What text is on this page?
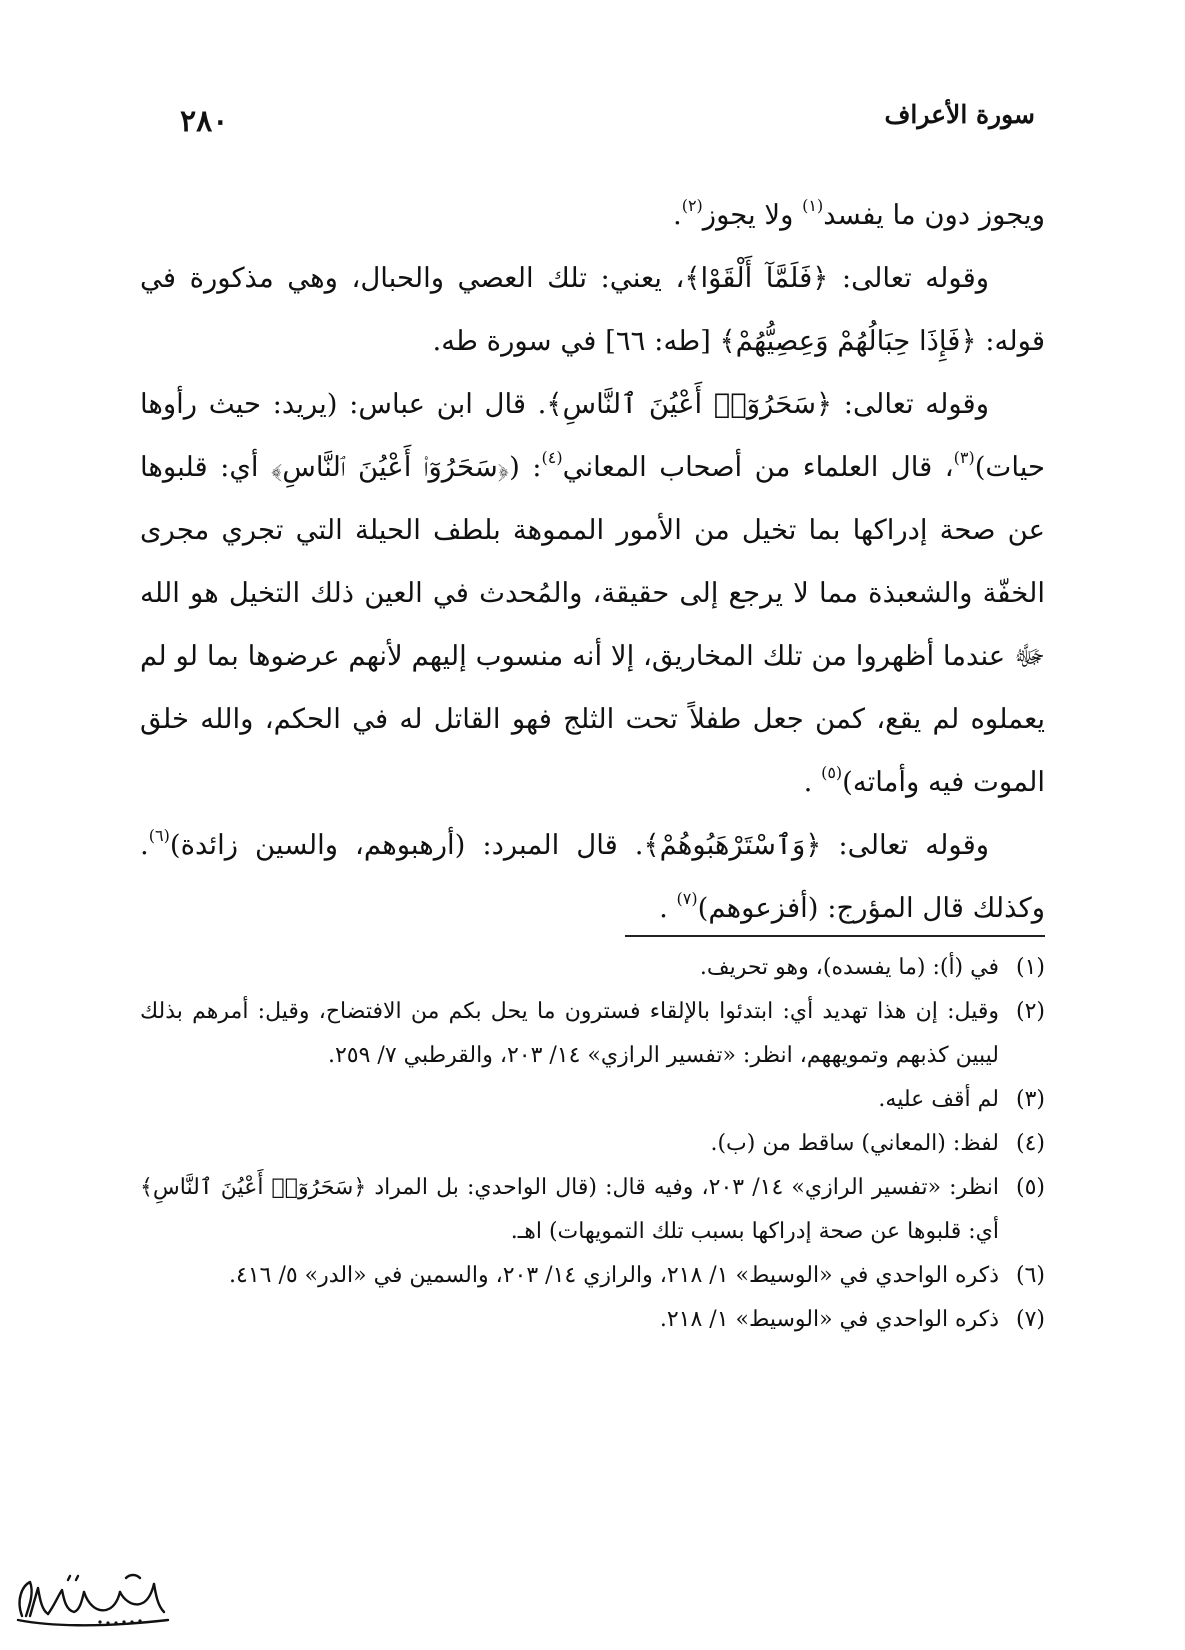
سورة الأعراف
٢٨٠

ويجوز دون ما يفسد$^{(١)}$ ولا يجوز$^{(٢)}$.

وقوله تعالى: ﴿فَلَمَّآ أَلْقَوْا﴾، يعني: تلك العصي والحبال، وهي مذكورة في قوله: ﴿فَإِذَا حِبَالُهُمْ وَعِصِيُّهُمْ﴾ [طه: ٦٦] في سورة طه.

وقوله تعالى: ﴿سَحَرُوٓا۟ أَعْيُنَ ٱلنَّاسِ﴾. قال ابن عباس: (يريد: حيث رأوها حيات)$^{(٣)}$، قال العلماء من أصحاب المعاني$^{(٤)}$: (﴿سَحَرُوٓا۟ أَعْيُنَ ٱلنَّاسِ﴾ أي: قلبوها عن صحة إدراكها بما تخيل من الأمور المموهة بلطف الحيلة التي تجري مجرى الخفّة والشعبذة مما لا يرجع إلى حقيقة، والمُحدث في العين ذلك التخيل هو الله ﷻ عندما أظهروا من تلك المخاريق، إلا أنه منسوب إليهم لأنهم عرضوها بما لو لم يعملوه لم يقع، كمن جعل طفلاً تحت الثلج فهو القاتل له في الحكم، والله خلق الموت فيه وأماته)$^{(٥)}$ .

وقوله تعالى: ﴿وَٱسْتَرْهَبُوهُمْ﴾. قال المبرد: (أرهبوهم، والسين زائدة)$^{(٦)}$. وكذلك قال المؤرج: (أفزعوهم)$^{(٧)}$ .

(١)
في (أ): (ما يفسده)، وهو تحريف.
(٢)
وقيل: إن هذا تهديد أي: ابتدئوا بالإلقاء فسترون ما يحل بكم من الافتضاح، وقيل: أمرهم بذلك ليبين كذبهم وتمويههم، انظر: «تفسير الرازي» ١٤/ ٢٠٣، والقرطبي ٧/ ٢٥٩.
(٣)
لم أقف عليه.
(٤)
لفظ: (المعاني) ساقط من (ب).
(٥)
انظر: «تفسير الرازي» ١٤/ ٢٠٣، وفيه قال: (قال الواحدي: بل المراد ﴿سَحَرُوٓا۟ أَعْيُنَ ٱلنَّاسِ﴾ أي: قلبوها عن صحة إدراكها بسبب تلك التمويهات) اهـ.
(٦)
ذكره الواحدي في «الوسيط» ١/ ٢١٨، والرازي ١٤/ ٢٠٣، والسمين في «الدر» ٥/ ٤١٦.
(٧)
ذكره الواحدي في «الوسيط» ١/ ٢١٨.
